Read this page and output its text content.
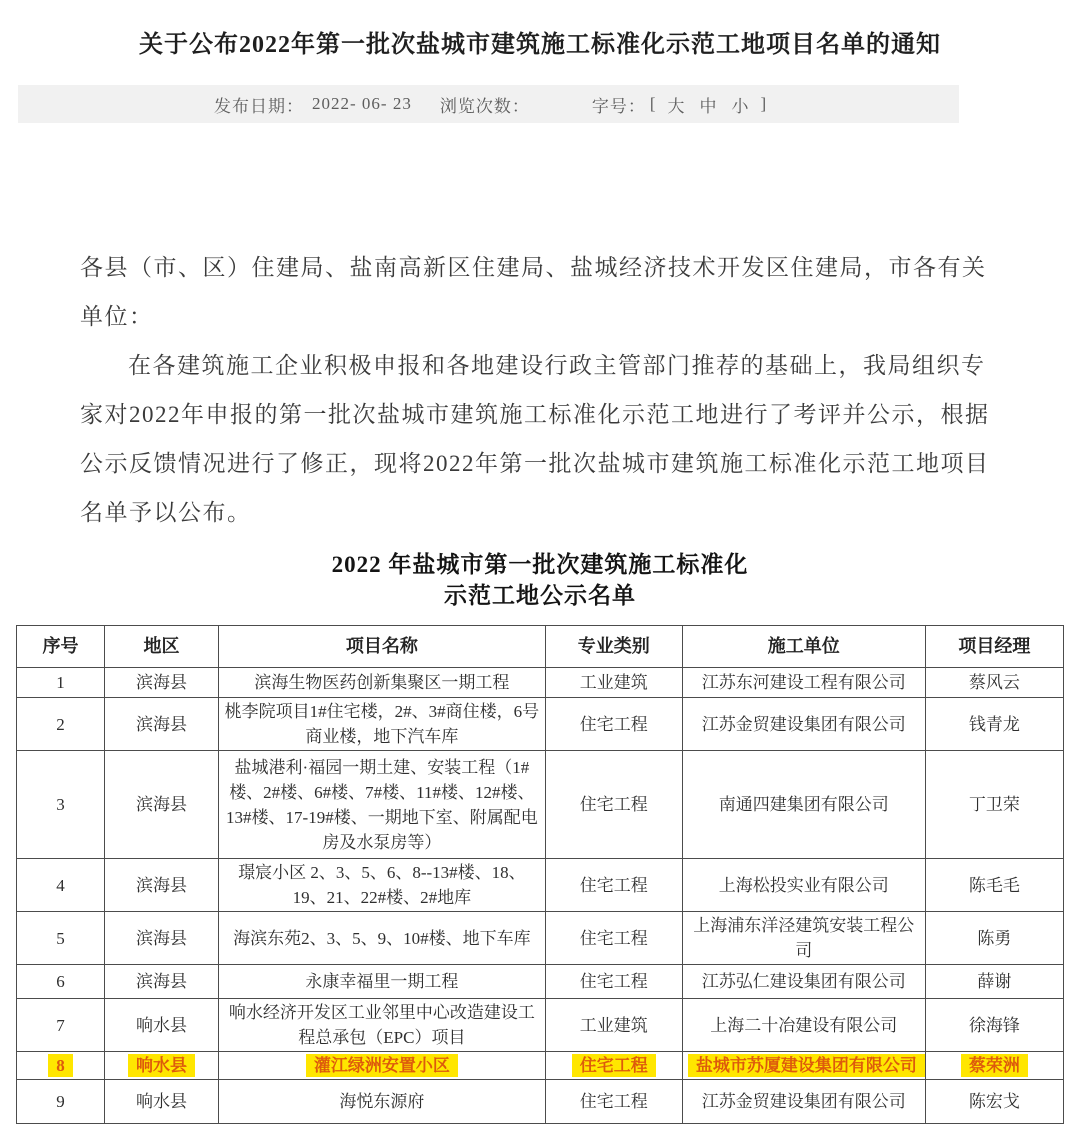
关于公布2022年第一批次盐城市建筑施工标准化示范工地项目名单的通知
发布日期： 2022- 06- 23 浏览次数：	字号： [ 大 中 小 ]
各县（市、区）住建局、盐南高新区住建局、盐城经济技术开发区住建局，市各有关
单位：
在各建筑施工企业积极申报和各地建设行政主管部门推荐的基础上，我局组织专
家对2022年申报的第一批次盐城市建筑施工标准化示范工地进行了考评并公示，根据
公示反馈情况进行了修正，现将2022年第一批次盐城市建筑施工标准化示范工地项目
名单予以公布。
2022 年盐城市第一批次建筑施工标准化
示范工地公示名单
序号	地区	项目名称	专业类别	施工单位	项目经理
1	滨海县	滨海生物医药创新集聚区一期工程	工业建筑	江苏东河建设工程有限公司	蔡风云
2	滨海县	桃李院项目1#住宅楼，2#、3#商住楼，6号商业楼，地下汽车库	住宅工程	江苏金贸建设集团有限公司	钱青龙
3	滨海县	盐城港利·福园一期土建、安装工程（1#楼、2#楼、6#楼、7#楼、11#楼、12#楼、13#楼、17-19#楼、一期地下室、附属配电房及水泵房等）	住宅工程	南通四建集团有限公司	丁卫荣
4	滨海县	璟宸小区 2、3、5、6、8--13#楼、18、19、21、22#楼、2#地库	住宅工程	上海松投实业有限公司	陈毛毛
5	滨海县	海滨东苑2、3、5、9、10#楼、地下车库	住宅工程	上海浦东洋泾建筑安装工程公司	陈勇
6	滨海县	永康幸福里一期工程	住宅工程	江苏弘仁建设集团有限公司	薛谢
7	响水县	响水经济开发区工业邻里中心改造建设工程总承包（EPC）项目	工业建筑	上海二十冶建设有限公司	徐海锋
8	响水县	灌江绿洲安置小区	住宅工程	盐城市苏厦建设集团有限公司	蔡荣洲
9	响水县	海悦东源府	住宅工程	江苏金贸建设集团有限公司	陈宏戈
